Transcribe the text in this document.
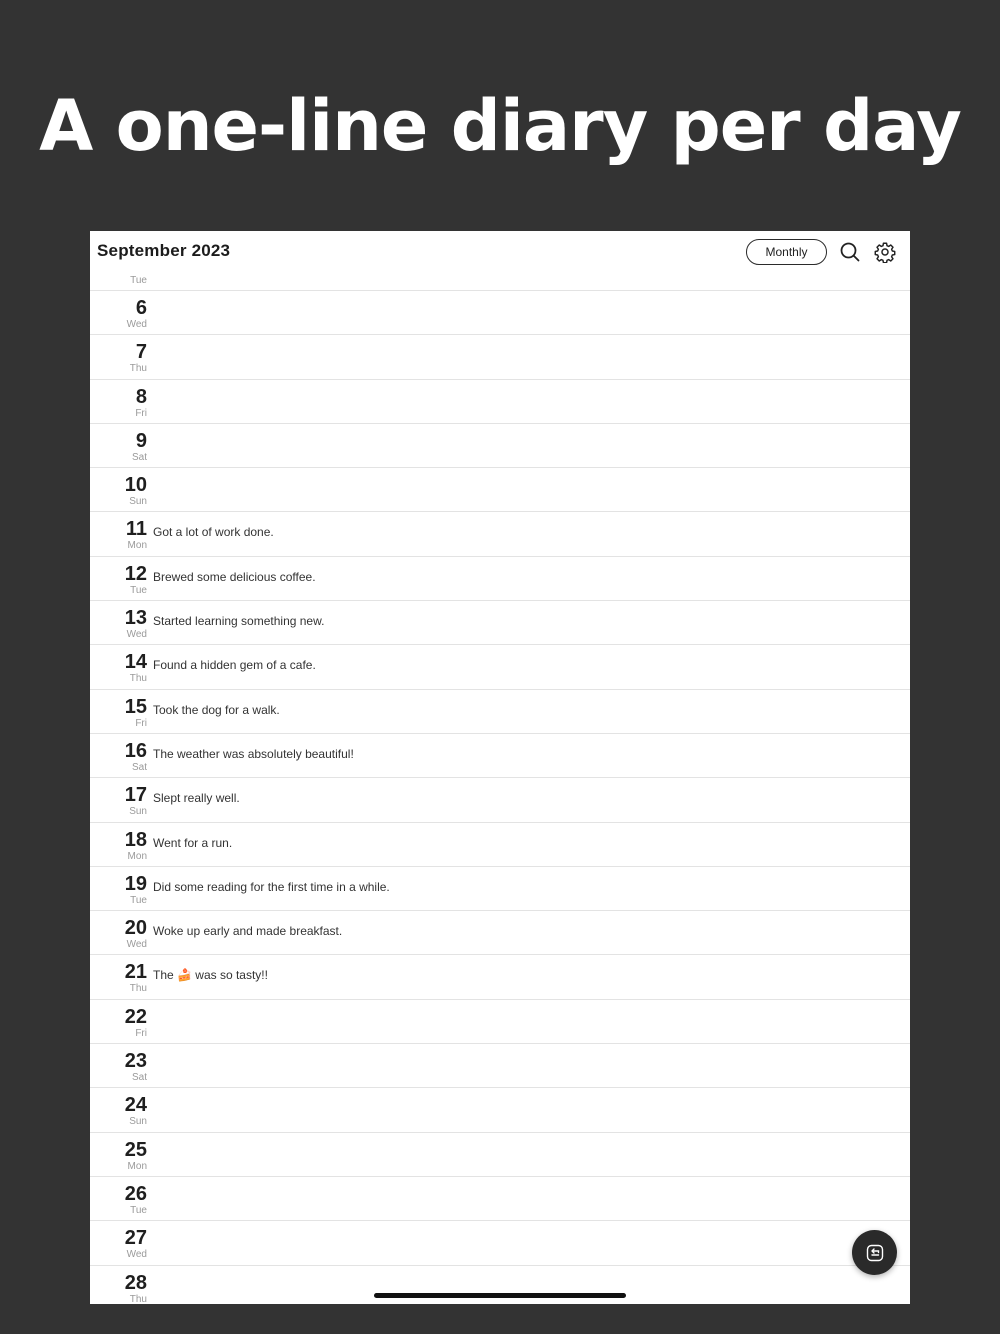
A one-line diary per day
September 2023	Monthly
Tue
6
Wed
7
Thu
8
Fri
9
Sat
10
Sun
11
Mon
Got a lot of work done.
12
Tue
Brewed some delicious coffee.
13
Wed
Started learning something new.
14
Thu
Found a hidden gem of a cafe.
15
Fri
Took the dog for a walk.
16
Sat
The weather was absolutely beautiful!
17
Sun
Slept really well.
18
Mon
Went for a run.
19
Tue
Did some reading for the first time in a while.
20
Wed
Woke up early and made breakfast.
21
Thu
The 🍰 was so tasty!!
22
Fri
23
Sat
24
Sun
25
Mon
26
Tue
27
Wed
28
Thu
